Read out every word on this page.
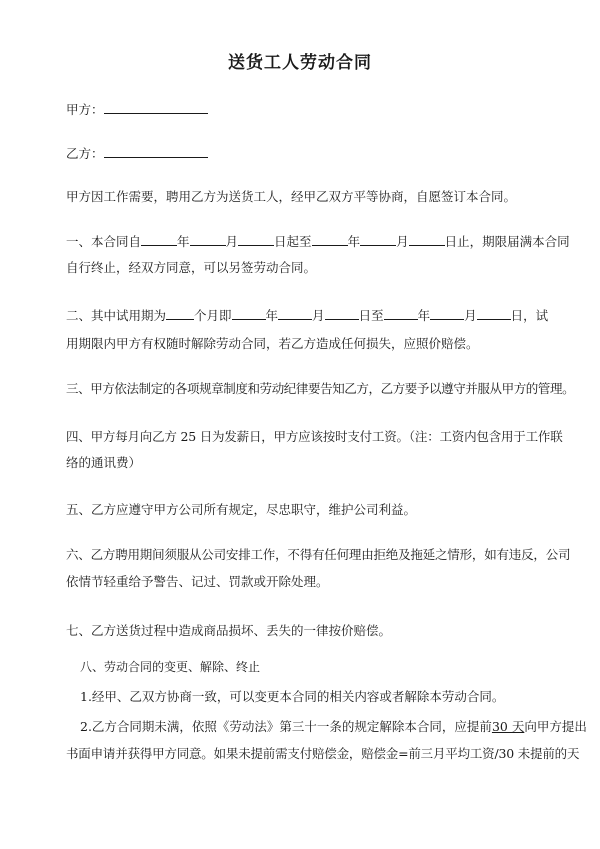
送货工人劳动合同
甲方：
乙方：
甲方因工作需要，聘用乙方为送货工人，经甲乙双方平等协商，自愿签订本合同。
一、本合同自	年	月	日起至	年	月	日止，期限届满本合同
自行终止，经双方同意，可以另签劳动合同。
二、其中试用期为 个月即	年	月	日至	年	月	日，试
用期限内甲方有权随时解除劳动合同，若乙方造成任何损失，应照价赔偿。
三、甲方依法制定的各项规章制度和劳动纪律要告知乙方，乙方要予以遵守并服从甲方的管理。
四、甲方每月向乙方 25 日为发薪日，甲方应该按时支付工资。（注：工资内包含用于工作联
络的通讯费）
五、乙方应遵守甲方公司所有规定，尽忠职守，维护公司利益。
六、乙方聘用期间须服从公司安排工作，不得有任何理由拒绝及拖延之情形，如有违反，公司
依情节轻重给予警告、记过、罚款或开除处理。
七、乙方送货过程中造成商品损坏、丢失的一律按价赔偿。
八、劳动合同的变更、解除、终止
1.经甲、乙双方协商一致，可以变更本合同的相关内容或者解除本劳动合同。
2.乙方合同期未满，依照《劳动法》第三十一条的规定解除本合同，应提前30 天向甲方提出
书面申请并获得甲方同意。如果未提前需支付赔偿金，赔偿金=前三月平均工资/30 未提前的天
